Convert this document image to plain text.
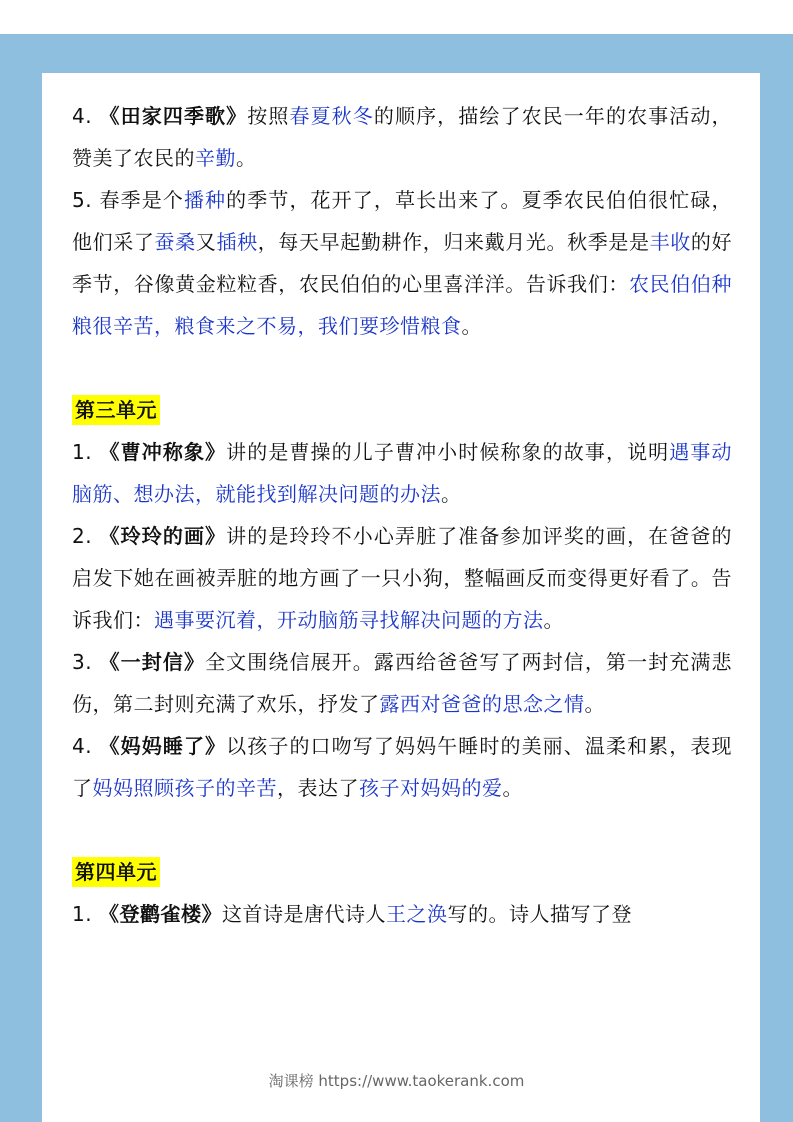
4. 《田家四季歌》按照春夏秋冬的顺序，描绘了农民一年的农事活动，赞美了农民的辛勤。

5. 春季是个播种的季节，花开了，草长出来了。夏季农民伯伯很忙碌，他们采了蚕桑又插秧，每天早起勤耕作，归来戴月光。秋季是是丰收的好季节，谷像黄金粒粒香，农民伯伯的心里喜洋洋。告诉我们：农民伯伯种粮很辛苦，粮食来之不易，我们要珍惜粮食。

第三单元

1. 《曹冲称象》讲的是曹操的儿子曹冲小时候称象的故事，说明遇事动脑筋、想办法，就能找到解决问题的办法。

2. 《玲玲的画》讲的是玲玲不小心弄脏了准备参加评奖的画，在爸爸的启发下她在画被弄脏的地方画了一只小狗，整幅画反而变得更好看了。告诉我们：遇事要沉着，开动脑筋寻找解决问题的方法。

3. 《一封信》全文围绕信展开。露西给爸爸写了两封信，第一封充满悲伤，第二封则充满了欢乐，抒发了露西对爸爸的思念之情。

4. 《妈妈睡了》以孩子的口吻写了妈妈午睡时的美丽、温柔和累，表现了妈妈照顾孩子的辛苦，表达了孩子对妈妈的爱。

第四单元

1. 《登鹳雀楼》这首诗是唐代诗人王之涣写的。诗人描写了登

淘课榜 https://www.taokerank.com
